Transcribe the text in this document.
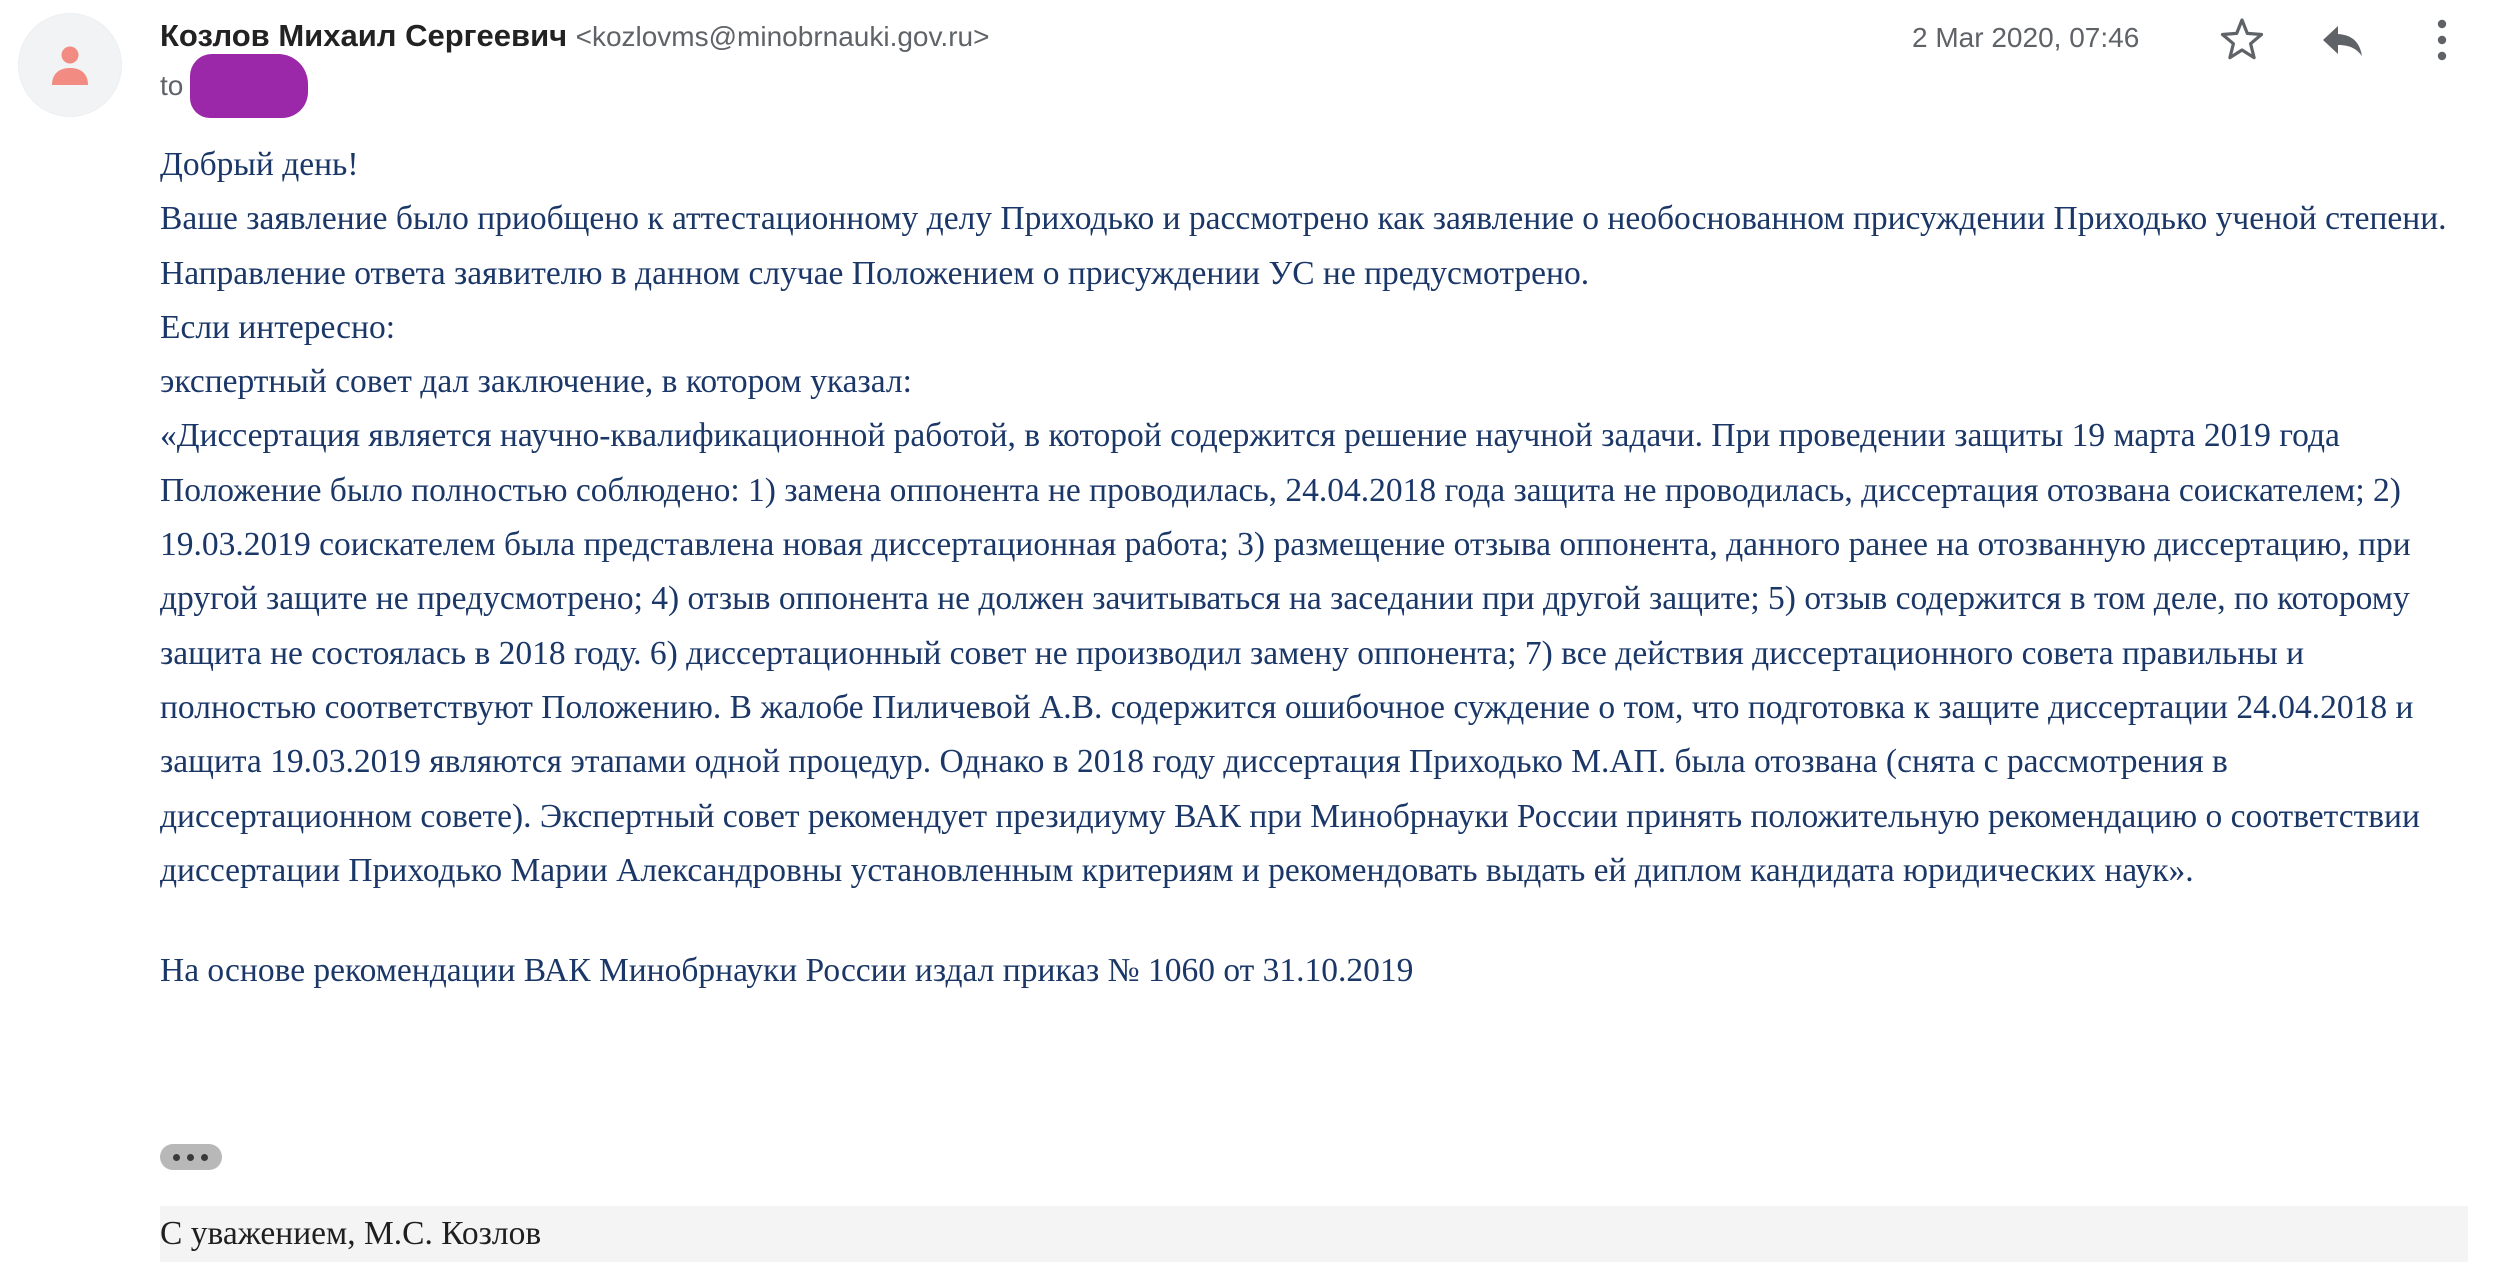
Козлов Михаил Сергеевич <kozlovms@minobrnauki.gov.ru>
to
2 Mar 2020, 07:46

Добрый день!

Ваше заявление было приобщено к аттестационному делу Приходько и рассмотрено как заявление о необоснованном присуждении Приходько ученой степени.

Направление ответа заявителю в данном случае Положением о присуждении УС не предусмотрено.

Если интересно:

экспертный совет дал заключение, в котором указал:

«Диссертация является научно-квалификационной работой, в которой содержится решение научной задачи. При проведении защиты 19 марта 2019 года Положение было полностью соблюдено: 1) замена оппонента не проводилась, 24.04.2018 года защита не проводилась, диссертация отозвана соискателем; 2) 19.03.2019 соискателем была представлена новая диссертационная работа; 3) размещение отзыва оппонента, данного ранее на отозванную диссертацию, при другой защите не предусмотрено; 4) отзыв оппонента не должен зачитываться на заседании при другой защите; 5) отзыв содержится в том деле, по которому защита не состоялась в 2018 году. 6) диссертационный совет не производил замену оппонента; 7) все действия диссертационного совета правильны и полностью соответствуют Положению. В жалобе Пиличевой А.В. содержится ошибочное суждение о том, что подготовка к защите диссертации 24.04.2018 и защита 19.03.2019 являются этапами одной процедур. Однако в 2018 году диссертация Приходько М.АП. была отозвана (снята с рассмотрения в диссертационном совете). Экспертный совет рекомендует президиуму ВАК при Минобрнауки России принять положительную рекомендацию о соответствии диссертации Приходько Марии Александровны установленным критериям и рекомендовать выдать ей диплом кандидата юридических наук».

На основе рекомендации ВАК Минобрнауки России издал приказ № 1060 от 31.10.2019

С уважением, М.С. Козлов
